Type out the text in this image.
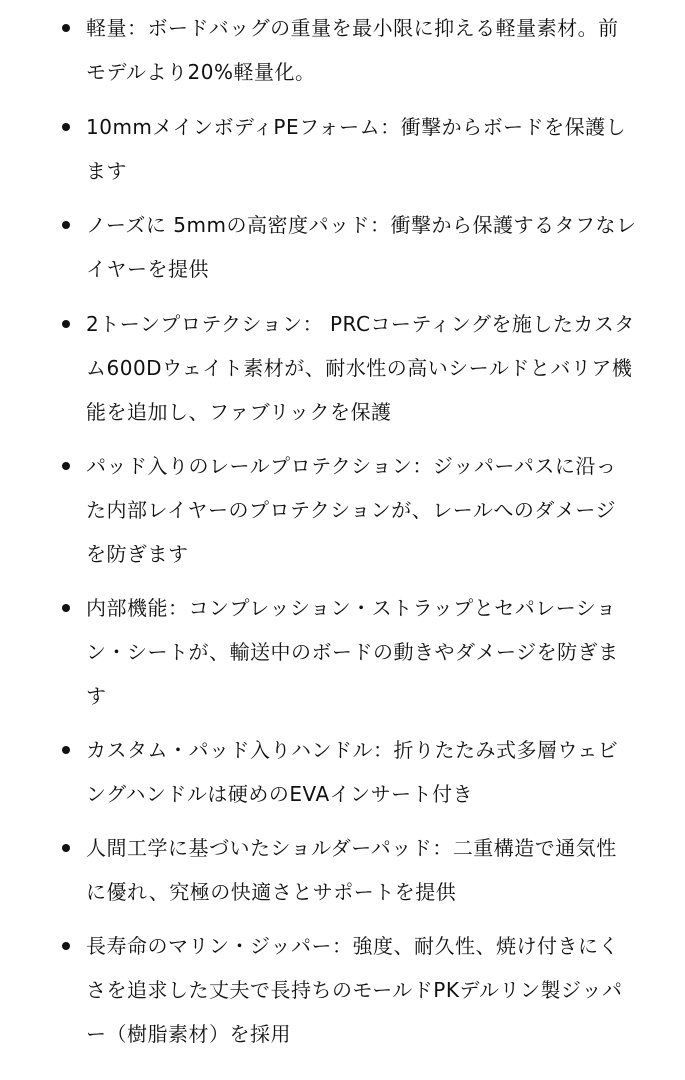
軽量：ボードバッグの重量を最小限に抑える軽量素材。前
モデルより20%軽量化。
10mmメインボディPEフォーム：衝撃からボードを保護し
ます
ノーズに 5mmの高密度パッド：衝撃から保護するタフなレ
イヤーを提供
2トーンプロテクション： PRCコーティングを施したカスタ
ム600Dウェイト素材が、耐水性の高いシールドとバリア機
能を追加し、ファブリックを保護
パッド入りのレールプロテクション：ジッパーパスに沿っ
た内部レイヤーのプロテクションが、レールへのダメージ
を防ぎます
内部機能：コンプレッション・ストラップとセパレーショ
ン・シートが、輸送中のボードの動きやダメージを防ぎま
す
カスタム・パッド入りハンドル：折りたたみ式多層ウェビ
ングハンドルは硬めのEVAインサート付き
人間工学に基づいたショルダーパッド：二重構造で通気性
に優れ、究極の快適さとサポートを提供
長寿命のマリン・ジッパー：強度、耐久性、焼け付きにく
さを追求した丈夫で長持ちのモールドPKデルリン製ジッパ
ー（樹脂素材）を採用
